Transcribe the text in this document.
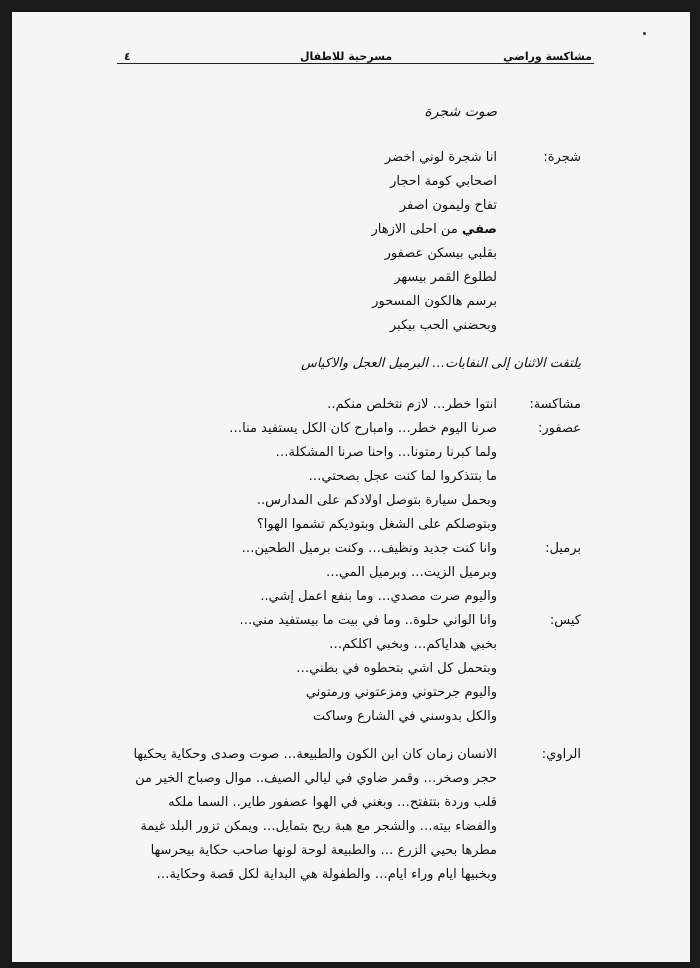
مشاكسة وراضي
مسرحية للاطفال
٤
صوت شجرة
شجرة:
انا شجرة لوني اخضر
اصحابي كومة احجار
تفاح وليمون اصفر
صفي من احلى الازهار
بقلبي بيسكن عصفور
لطلوع القمر بيسهر
برسم هالكون المسحور
وبحضني الحب بيكبر
يلتفت الاثنان إلى النفايات… البرميل العجل والاكياس
مشاكسة:
انتوا خطر… لازم نتخلص منكم..
عصفور:
صرنا اليوم خطر… وامبارح كان الكل يستفيد منا…
ولما كبرنا رمتونا… واحنا صرنا المشكلة…
ما بتتذكروا لما كنت عجل بصحتي…
وبحمل سيارة بتوصل اولادكم على المدارس..
وبتوصلكم على الشغل وبتوديكم تشموا الهوا؟
برميل:
وانا كنت جديد ونظيف… وكنت برميل الطحين…
وبرميل الزيت… وبرميل المي…
واليوم صرت مصدي… وما بنفع اعمل إشي..
كيس:
وانا الواني حلوة.. وما في بيت ما بيستفيد مني…
بخبي هداياكم… وبخبي اكلكم…
وبتحمل كل اشي بتحطوه في بطني…
واليوم جرحتوني ومزعتوني ورمتوني
والكل بدوسني في الشارع وساكت
الراوي:
الانسان زمان كان ابن الكون والطبيعة… صوت وصدى وحكاية يحكيها
حجر وصخر… وقمر ضاوي في ليالي الصيف.. موال وصباح الخير من
قلب وردة بتتفتح… وبغني في الهوا عصفور طاير.. السما ملكه
والفضاء بيته… والشجر مع هبة ريح بتمايل… ويمكن تزور البلد غيمة
مطرها بحيي الزرع … والطبيعة لوحة لونها صاحب حكاية بيحرسها
وبخبيها ايام وراء ايام… والطفولة هي البداية لكل قصة وحكاية…
